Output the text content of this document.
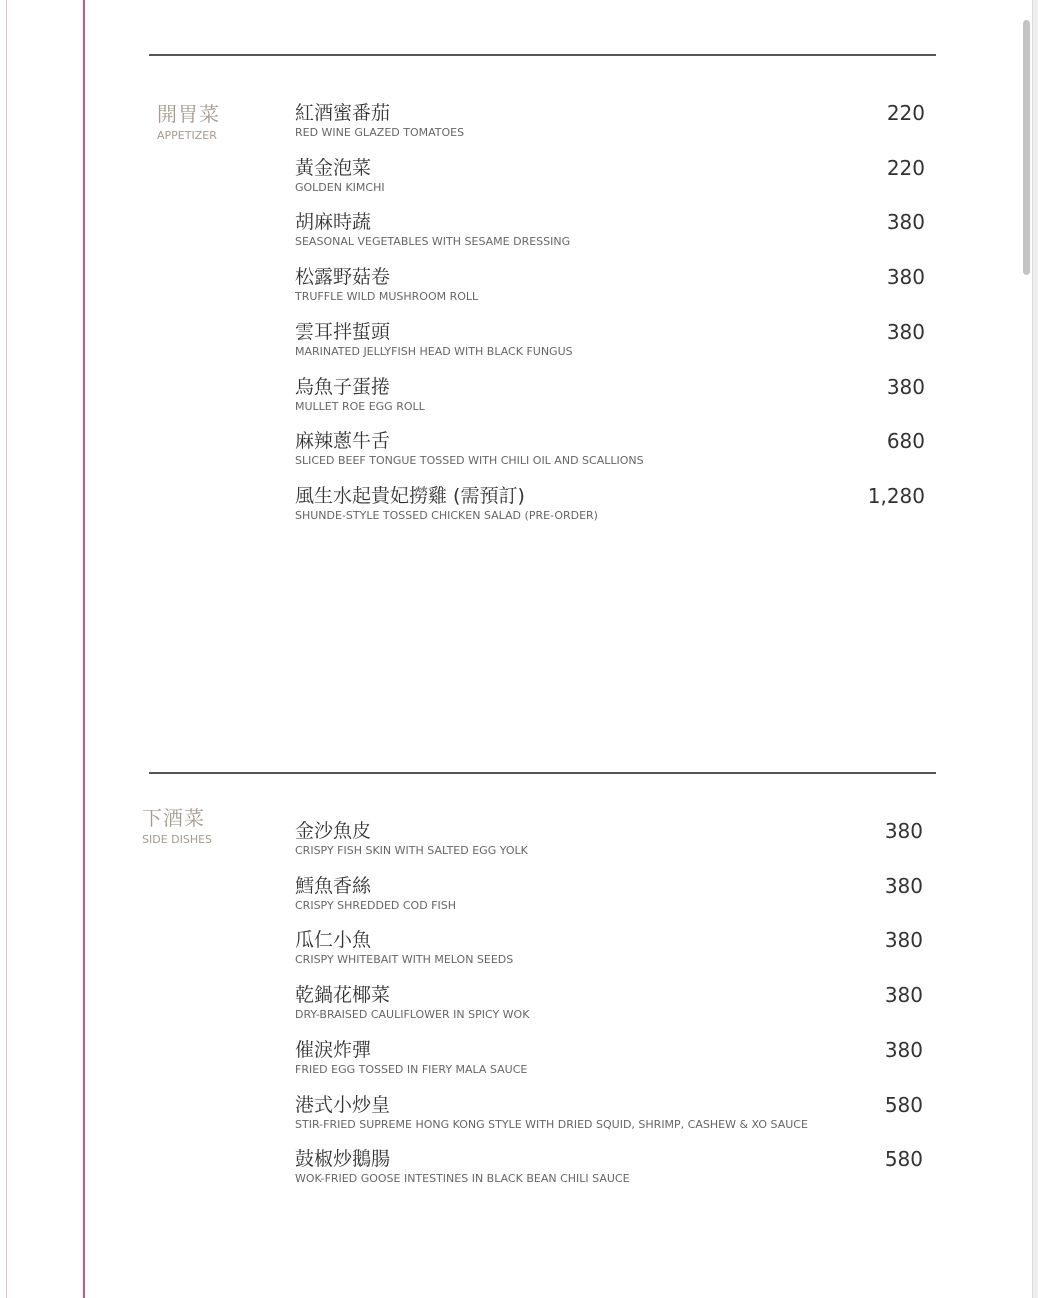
開胃菜
APPETIZER
下酒菜
SIDE DISHES
紅酒蜜番茄
RED WINE GLAZED TOMATOES
220
黃金泡菜
GOLDEN KIMCHI
220
胡麻時蔬
SEASONAL VEGETABLES WITH SESAME DRESSING
380
松露野菇卷
TRUFFLE WILD MUSHROOM ROLL
380
雲耳拌蜇頭
MARINATED JELLYFISH HEAD WITH BLACK FUNGUS
380
烏魚子蛋捲
MULLET ROE EGG ROLL
380
麻辣蔥牛舌
SLICED BEEF TONGUE TOSSED WITH CHILI OIL AND SCALLIONS
680
風生水起貴妃撈雞 (需預訂)
SHUNDE-STYLE TOSSED CHICKEN SALAD (PRE-ORDER)
1,280
金沙魚皮
CRISPY FISH SKIN WITH SALTED EGG YOLK
380
鱈魚香絲
CRISPY SHREDDED COD FISH
380
瓜仁小魚
CRISPY WHITEBAIT WITH MELON SEEDS
380
乾鍋花椰菜
DRY-BRAISED CAULIFLOWER IN SPICY WOK
380
催淚炸彈
FRIED EGG TOSSED IN FIERY MALA SAUCE
380
港式小炒皇
STIR-FRIED SUPREME HONG KONG STYLE WITH DRIED SQUID, SHRIMP, CASHEW & XO SAUCE
580
鼓椒炒鵝腸
WOK-FRIED GOOSE INTESTINES IN BLACK BEAN CHILI SAUCE
580
